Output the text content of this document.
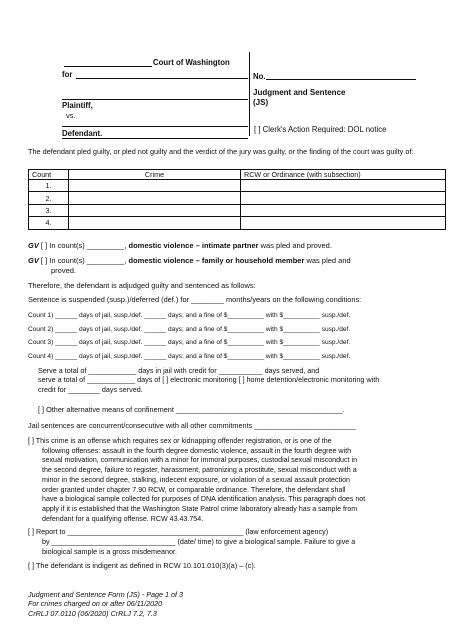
Court of Washington
for	No.
Plaintiff,
vs.
Judgment and Sentence
(JS)
Defendant.	[ ] Clerk's Action Required: DOL notice
The defendant pled guilty, or pled not guilty and the verdict of the jury was guilty, or the finding of the court was guilty of:
Count	Crime	RCW or Ordinance (with subsection)
1.		
2.		
3.		
4.		
GV [ ] In count(s) _________, domestic violence – intimate partner was pled and proved.
GV [ ] In count(s) _________, domestic violence – family or household member was pled and
proved.
Therefore, the defendant is adjudged guilty and sentenced as follows:
Sentence is suspended (susp.)/deferred (def.) for ________ months/years on the following conditions:
Count 1) ______ days of jail, susp./def. ______ days; and a fine of $__________ with $__________ susp./def.
Count 2) ______ days of jail, susp./def. ______ days; and a fine of $__________ with $__________ susp./def.
Count 3) ______ days of jail, susp./def. ______ days; and a fine of $__________ with $__________ susp./def.
Count 4) ______ days of jail, susp./def. ______ days; and a fine of $__________ with $__________ susp./def.
Serve a total of ____________ days in jail with credit for ___________ days served, and
serve a total of ____________ days of [ ] electronic monitoring [ ] home detention/electronic monitoring with
credit for ________ days served.
[ ] Other alternative means of confinement _________________________________________.
Jail sentences are concurrent/consecutive with all other commitments _________________________
[ ] This crime is an offense which requires sex or kidnapping offender registration, or is one of the
following offenses: assault in the fourth degree domestic violence, assault in the fourth degree with
sexual motivation, communication with a minor for immoral purposes, custodial sexual misconduct in
the second degree, failure to register, harassment, patronizing a prostitute, sexual misconduct with a
minor in the second degree, stalking, indecent exposure, or violation of a sexual assault protection
order granted under chapter 7.90 RCW, or comparable ordinance. Therefore, the defendant shall
have a biological sample collected for purposes of DNA identification analysis. This paragraph does not
apply if it is established that the Washington State Patrol crime laboratory already has a sample from
defendant for a qualifying offense. RCW 43.43.754.
[ ] Report to ____________________________________________ (law enforcement agency)
by _______________________________ (date/ time) to give a biological sample. Failure to give a
biological sample is a gross misdemeanor.
[ ] The defendant is indigent as defined in RCW 10.101.010(3)(a) – (c).
Judgment and Sentence Form (JS) - Page 1 of 3
For crimes charged on or after 06/11/2020
CrRLJ 07.0110 (06/2020) CrRLJ 7.2, 7.3
